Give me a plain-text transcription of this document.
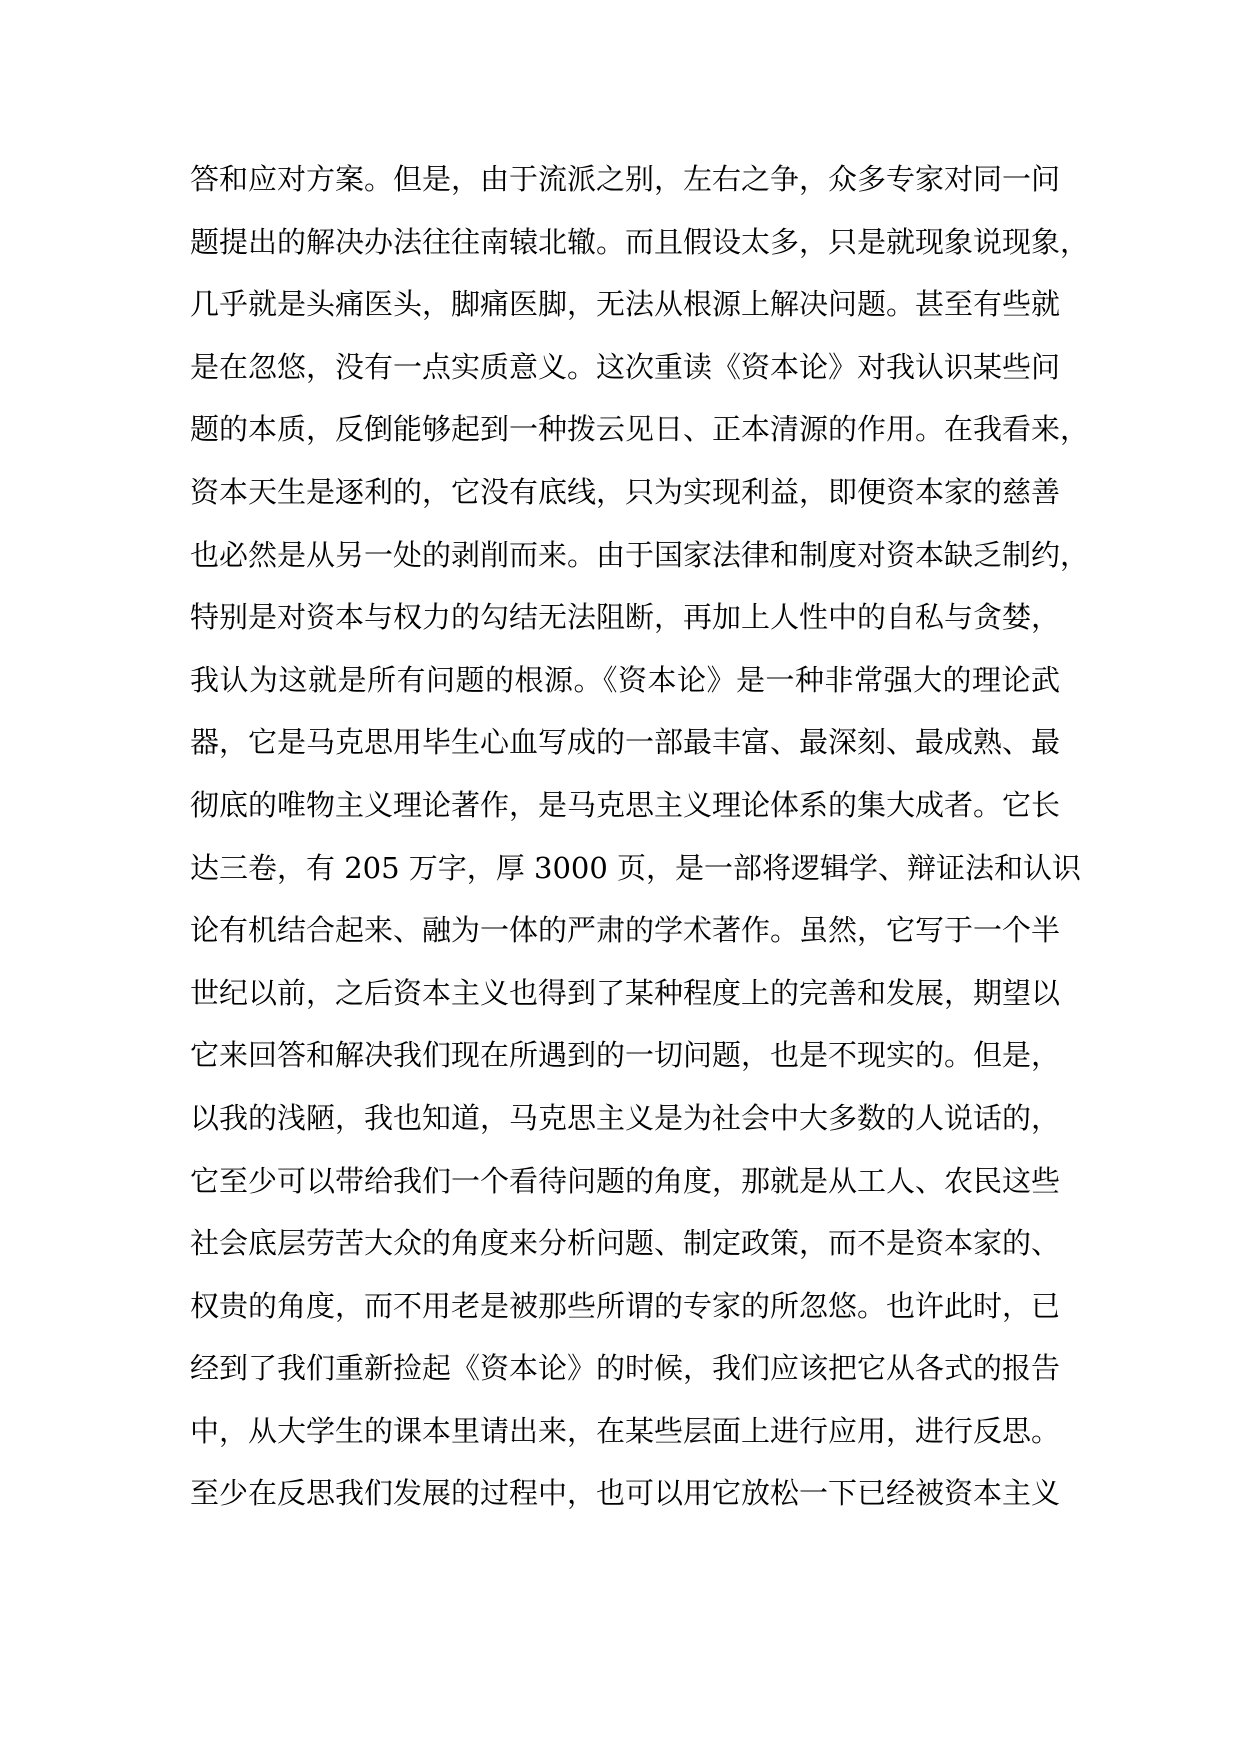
答和应对方案。但是，由于流派之别，左右之争，众多专家对同一问
题提出的解决办法往往南辕北辙。而且假设太多，只是就现象说现象，
几乎就是头痛医头，脚痛医脚，无法从根源上解决问题。甚至有些就
是在忽悠，没有一点实质意义。这次重读《资本论》对我认识某些问
题的本质，反倒能够起到一种拨云见日、正本清源的作用。在我看来，
资本天生是逐利的，它没有底线，只为实现利益，即便资本家的慈善
也必然是从另一处的剥削而来。由于国家法律和制度对资本缺乏制约，
特别是对资本与权力的勾结无法阻断，再加上人性中的自私与贪婪，
我认为这就是所有问题的根源。《资本论》是一种非常强大的理论武
器，它是马克思用毕生心血写成的一部最丰富、最深刻、最成熟、最
彻底的唯物主义理论著作，是马克思主义理论体系的集大成者。它长
达三卷，有 205 万字，厚 3000 页，是一部将逻辑学、辩证法和认识
论有机结合起来、融为一体的严肃的学术著作。虽然，它写于一个半
世纪以前，之后资本主义也得到了某种程度上的完善和发展，期望以
它来回答和解决我们现在所遇到的一切问题，也是不现实的。但是，
以我的浅陋，我也知道，马克思主义是为社会中大多数的人说话的，
它至少可以带给我们一个看待问题的角度，那就是从工人、农民这些
社会底层劳苦大众的角度来分析问题、制定政策，而不是资本家的、
权贵的角度，而不用老是被那些所谓的专家的所忽悠。也许此时，已
经到了我们重新捡起《资本论》的时候，我们应该把它从各式的报告
中，从大学生的课本里请出来，在某些层面上进行应用，进行反思。
至少在反思我们发展的过程中，也可以用它放松一下已经被资本主义
